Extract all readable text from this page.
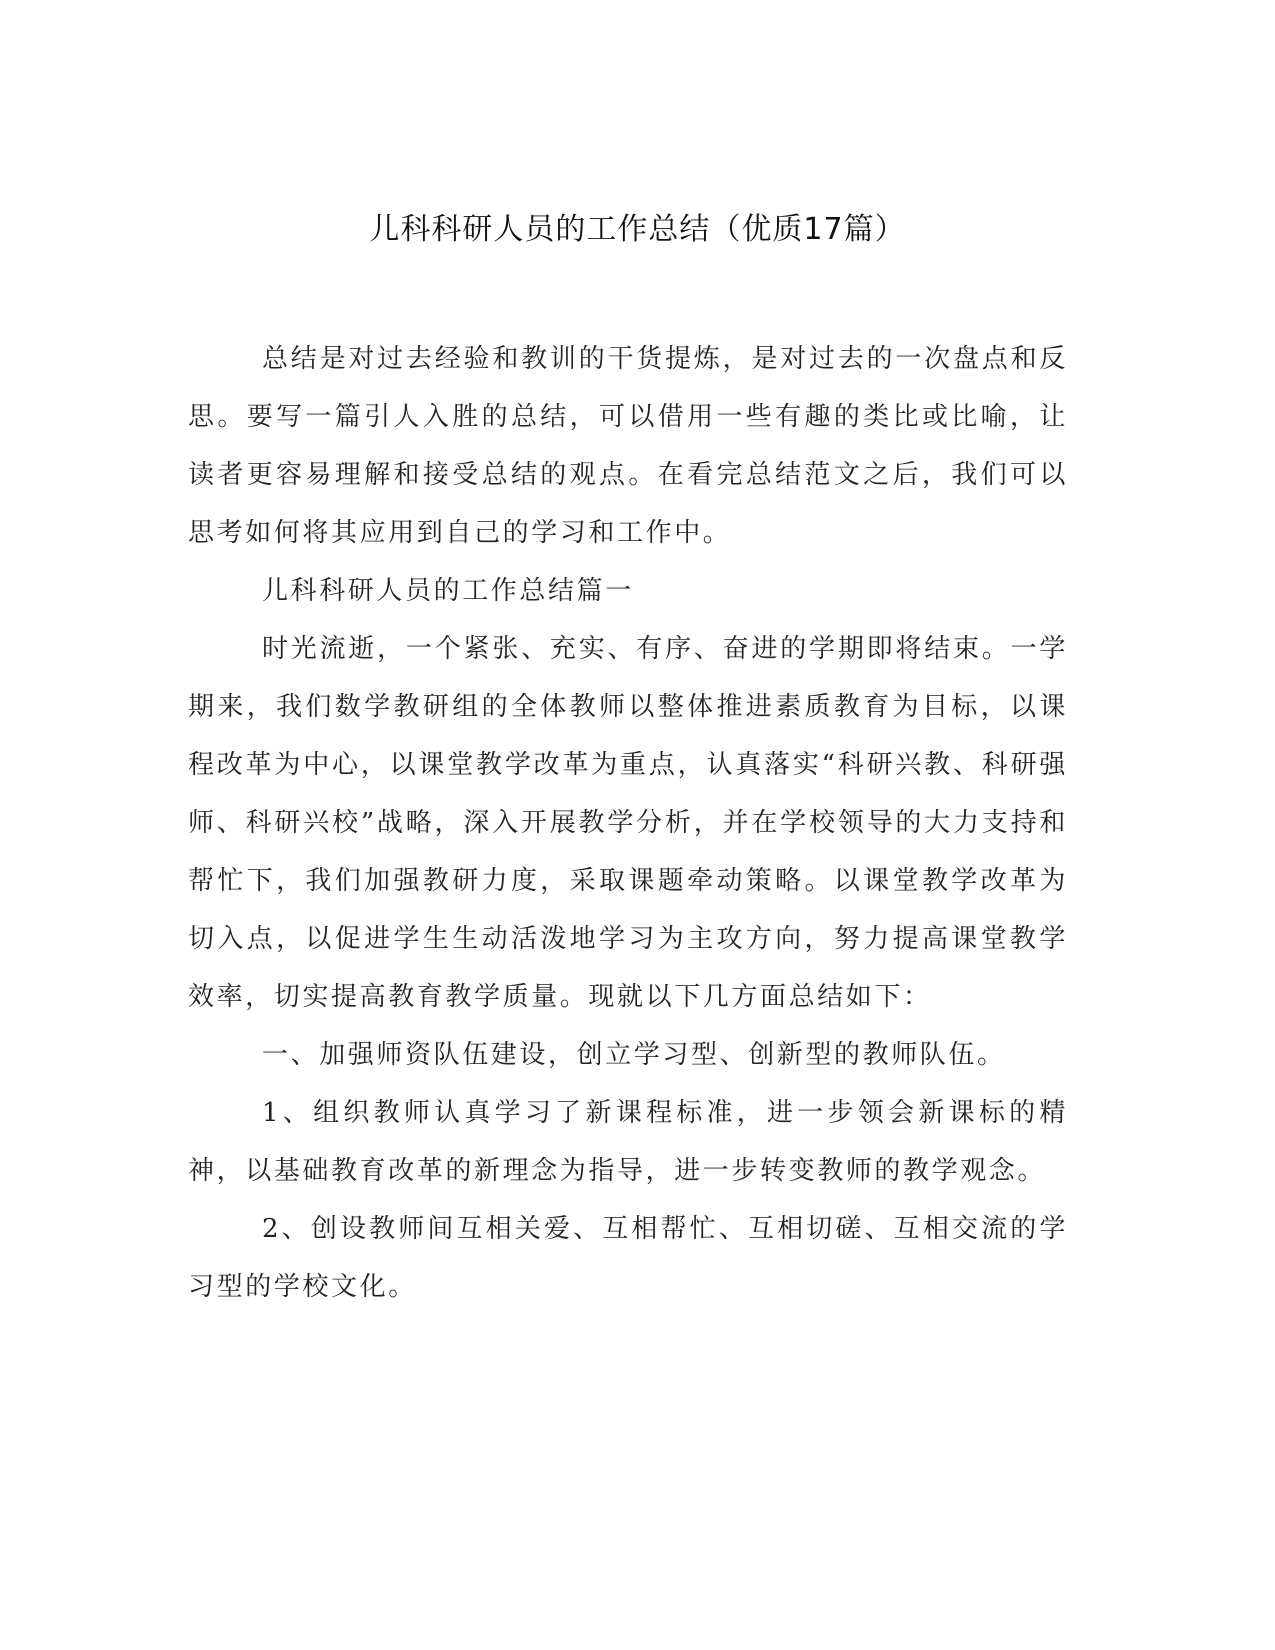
儿科科研人员的工作总结（优质17篇）

总结是对过去经验和教训的干货提炼，是对过去的一次盘点和反思。要写一篇引人入胜的总结，可以借用一些有趣的类比或比喻，让读者更容易理解和接受总结的观点。在看完总结范文之后，我们可以思考如何将其应用到自己的学习和工作中。

儿科科研人员的工作总结篇一

时光流逝，一个紧张、充实、有序、奋进的学期即将结束。一学期来，我们数学教研组的全体教师以整体推进素质教育为目标，以课程改革为中心，以课堂教学改革为重点，认真落实“科研兴教、科研强师、科研兴校”战略，深入开展教学分析，并在学校领导的大力支持和帮忙下，我们加强教研力度，采取课题牵动策略。以课堂教学改革为切入点，以促进学生生动活泼地学习为主攻方向，努力提高课堂教学效率，切实提高教育教学质量。现就以下几方面总结如下：

一、加强师资队伍建设，创立学习型、创新型的教师队伍。

1、组织教师认真学习了新课程标准，进一步领会新课标的精神，以基础教育改革的新理念为指导，进一步转变教师的教学观念。

2、创设教师间互相关爱、互相帮忙、互相切磋、互相交流的学习型的学校文化。
